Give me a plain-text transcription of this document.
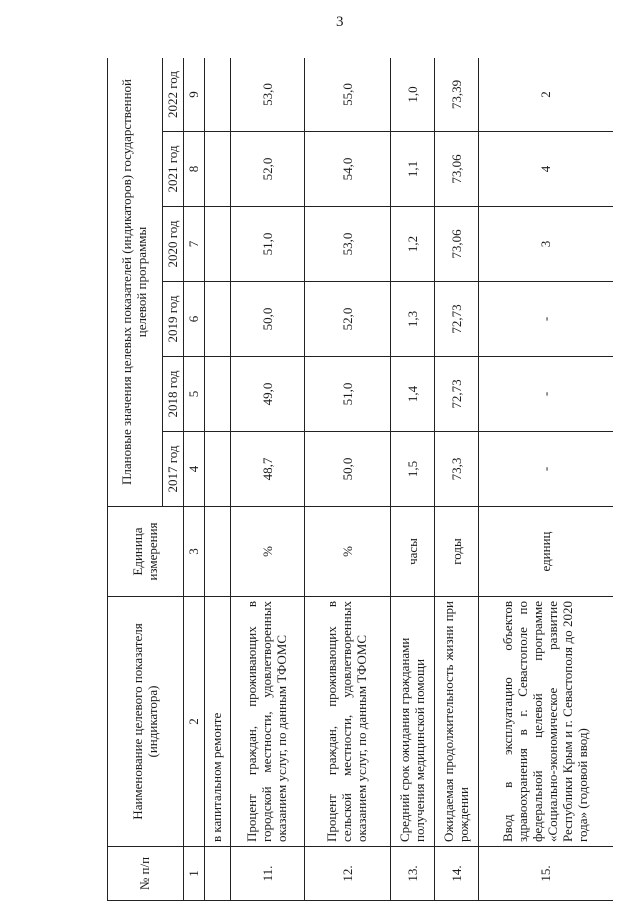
3
№ п/п	Наименование целевого показателя (индикатора)	Единица измерения	Плановые значения целевых показателей (индикаторов) государственной целевой программы					
			2017 год	2018 год	2019 год	2020 год	2021 год	2022 год
1	2	3	4	5	6	7	8	9
	в капитальном ремонте							
11.	Процент граждан, проживающих в городской местности, удовлетворенных оказанием услуг, по данным ТФОМС	%	48,7	49,0	50,0	51,0	52,0	53,0
12.	Процент граждан, проживающих в сельской местности, удовлетворенных оказанием услуг, по данным ТФОМС	%	50,0	51,0	52,0	53,0	54,0	55,0
13.	Средний срок ожидания гражданами получения медицинской помощи	часы	1,5	1,4	1,3	1,2	1,1	1,0
14.	Ожидаемая продолжительность жизни при рождении	годы	73,3	72,73	72,73	73,06	73,06	73,39
15.	Ввод в эксплуатацию объектов здравоохранения в г. Севастополе по федеральной целевой программе «Социально-экономическое развитие Республики Крым и г. Севастополя до 2020 года» (годовой ввод)	единиц	-	-	-	3	4	2
